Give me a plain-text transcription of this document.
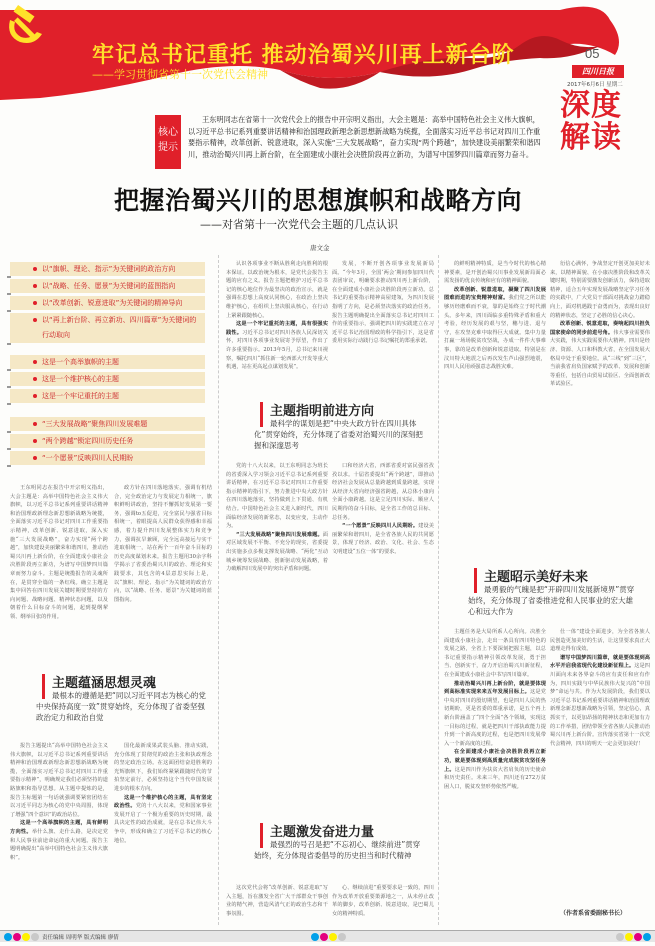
牢记总书记重托 推动治蜀兴川再上新台阶
——学习贯彻省第十一次党代会精神
05
四川日报
2017年6月6日 星期二
深度解读
核心提示
王东明同志在省第十一次党代会上的报告中开宗明义指出，大会主题是：高举中国特色社会主义伟大旗帜，以习近平总书记系列重要讲话精神和治国理政新理念新思想新战略为统揽，全面落实习近平总书记对四川工作重要指示精神，改革创新、锐意进取，深入实施“三大发展战略”，奋力实现“两个跨越”，加快建设美丽繁荣和谐四川，推动治蜀兴川再上新台阶，在全面建成小康社会决胜阶段再立新功，为谱写中国梦四川篇章而努力奋斗。
把握治蜀兴川的思想旗帜和战略方向
——对省第十一次党代会主题的几点认识
唐文金
以“旗帜、理论、指示”为关键词的政治方向
以“战略、任务、愿景”为关键词的蓝图指向
以“改革创新、锐意进取”为关键词的精神导向
以“再上新台阶、再立新功、四川篇章”为关键词的行动取向
这是一个高举旗帜的主题
这是一个维护核心的主题
这是一个牢记重托的主题
“三大发展战略”聚焦四川发展难题
“两个跨越”锁定四川历史任务
“一个愿景”反映四川人民期盼

王东明同志在报告中开宗明义指出，大会主题是：高举中国特色社会主义伟大旗帜，以习近平总书记系列重要讲话精神和治国理政新理念新思想新战略为统揽，全面落实习近平总书记对四川工作重要指示精神，改革创新、锐意进取，深入实施“三大发展战略”，奋力实现“两个跨越”，加快建设美丽繁荣和谐四川，推动治蜀兴川再上新台阶，在全面建成小康社会决胜阶段再立新功，为谱写中国梦四川篇章而努力奋斗。主题是统揽报告的灵魂所在，是贯穿全篇的一条红线。确立主题是集中回答在四川发展关键时期要坚持的方向问题、战略问题、精神状态问题，以及朝着什么目标奋斗的问题，起到提纲挈领、纲举目张的作用。

政方针在四川落地落实，强调有机结合，完全政治定力与发展定力相统一，旗帜鲜明讲政治，坚持不懈抓好发展第一要务，强调to五促进，完全富民与强省目标相统一，着眼提高人民群众获得感和幸福感，着力提升四川发展整体实力和竞争力，强调抗旱兼顾，完全远高接远与实干进取相统一，站在两个一百年奋斗目标的历史高度谋划未来。报告主题用30余字科学揭示了省委治蜀兴川的政治、理论和实践要求，其包含的4层意思实际上是，以“旗帜、理论、指示”为关键词的政治方向，以“战略、任务、愿景”为关键词的蓝图指向。

主题蕴涵思想灵魂
最根本的遵循是把“同以习近平同志为核心的党中央保持高度一致”贯穿始终，充分体现了省委坚强政治定力和政治自觉

报告主题提出“高举中国特色社会主义伟大旗帜，以习近平总书记系列重要讲话精神和治国理政新理念新思想新战略为统揽，全面落实习近平总书记对四川工作重要指示精神”，明确规定我们必须坚持的道路旗帜和指导思想。从主题中提炼的是，报告主标题第一句话就强调要紧密团结在以习近平同志为核心的党中央周围，体现了增强“四个意识”的政治站位。

这是一个高举旗帜的主题，具有鲜明方向性。举什么旗、走什么路，是决定党和人民事业前途命运的重大问题。报告主题明确提出“高举中国特色社会主义伟大旗帜”。

国化最新成果武装头脑、推动实践，充分体现了贯彻党的政治主张和执政理念的坚定政治立场。在这面团结奋进胜利的光辉旗帜下，我们始终紧紧跟随时代的节拍坚定前行，必须坚持这个当代中国发展进步的根本方向。

这是一个维护核心的主题，具有坚定政治性。党的十八大以来，党和国家事业发展开启了一个极为重要的历史时期，最具决定性的政治成就，是在总书记伟大斗争中，形成和确立了习近平总书记的核心地位。

认识各项事业不断从胜利走向胜利的根本保证。以政治统为根本，是党代会报告主题的应有之义。报告主题把维护习近平总书记的核心地位作为最坚决的政治宣示，就是强调在思想上高度认同核心，在政治上坚决维护核心，在组织上坚决服从核心，在行动上紧紧跟随核心。

这是一个牢记重托的主题，具有很强实践性。习近平总书记对四川各族人民深切关怀，对四川各项事业发展寄予厚望，作出了许多重要指示。2013年5月，总书记来川视察，嘱托四川“抓住新一轮西部大开发等重大机遇，站在更高起点谋划发展”。

发展，不断开创各项事业发展新局面。“今年3月，全国‘两会’期间参加四川代表团审议，明确要求推动四川再上新台阶，在全面建成小康社会决胜阶段再立新功。总书记的重要指示精神高屋建瓴，为四川发展指明了方向，是必须坚决落实的政治任务。报告主题明确提出全面落实总书记对四川工作的重要指示，强调把四川的实践建立在习近平总书记治国理政的科学指引下，这是省委用实际行动践行总书记嘱托的郑重承诺。

主题指明前进方向
最科学的谋划是把“中央大政方针在四川具体化”贯穿始终，充分体现了省委对治蜀兴川的深刻把握和深邃思考

党的十八大以来，以王东明同志为班长的省委深入学习领会习近平总书记系列重要讲话精神，在习近平总书记对四川工作重要指示精神的指引下，努力推进中央大政方针在四川落地落实，坚持做到上下贯通、有机结合。中国特色社会主义进入新时代，四川面临经济发展的新常态，以变应变，主动作为。

“三大发展战略”聚焦四川发展难题。面对区域发展不平衡、不充分的现实，省委提出实施多点多极支撑发展战略、“两化”互动城乡统筹发展战略、创新驱动发展战略，着力破解四川发展中的突出矛盾和问题。

口和经济大省，西部省委对富民强省孜孜以求。十届省委提出“两个跨越”，即推动经济社会发展从总量跨越到质量跨越，实现从经济大省向经济强省跨越，从总体小康向全面小康跨越。这是立足四川实际、顺应人民期待的奋斗目标，是全省工作的总目标、总任务。

“一个愿景”反映四川人民期盼。建设美丽繁荣和谐四川，是全省各族人民的共同愿景，体现了经济、政治、文化、社会、生态文明建设“五位一体”的要求。

主题激发奋进力量
最强烈的号召是把“不忘初心、继续前进”贯穿始终，充分体现省委倡导的历史担当和时代精神

这次党代会将“改革创新、锐意进取”写入主题，旨在激发全省广大干部群众干事创业的精气神，营造风清气正的政治生态和干事氛围。

心、继续前进”重要要求是一致的，四川作为改革开放重要策源地之一，从未停止改革的脚步，改革创新、锐意进取，是巴蜀儿女的精神特质。

的鲜明精神特质，是当今时代的核心精神要素，是开创治蜀兴川事业发展新局面必需发扬的优良传统和应有的精神面貌。

改革创新、锐意进取，凝聚了四川发展图难而进的宝贵精神财富。我们党之所以能够历经磨难而不衰，靠的是始终立于时代潮头。多年来，四川面临多重特殊矛盾和重大考验，经历发展的艰与坚，穗与进、退与守，在攻坚克难中取得巨大成就。集中力量打赢一场场脱贫攻坚战，办成一件件大事难事，靠的是改革创新和锐意进取。特别是在汶川特大地震之后再次发生芦山强烈地震，四川人民用顽强意志战胜灾难。

衍信心满怀，争战坚定开创更加美好未来，以精神面貌、在小康决胜阶段和改革关键时期，特别需要激发创新活力，保持进取精神，适合五年实现发展战略坚定学习任务的实践中，广大党员干部面对挑战奋力踏稳向上，面对机遇践于奋勇而为，表现出良好的精神状态，坚定了必胜的信心决心。

改革创新、锐意进取，奏响起四川担负国家使命的同步前进号角。伟大事业需要伟大实践，伟大实践需要伟大精神。四川是经济、资源、人口和科教大省，在全国发展大格局中处于重要地位。从“三线”到“三区”，当前我省肩负国家赋予的改革、发展和创新等重任，包括自由贸易试验区、全面创新改革试验区。

主题昭示美好未来
最勇毅的气魄是把“开辟四川发展新境界”贯穿始终，充分体现了省委推进党和人民事业的宏大雄心和远大作为

主题任务是大局所系人心所向。决胜全面建成小康社会，走出一条具有四川特色的发展之路，全省上下要深刻把握主题，以总书记重要指示精神引领改革发展，勇于担当、创新实干，奋力开启治蜀兴川新征程，在全面建成小康社会中书写四川篇章。

推动治蜀兴川再上新台阶，就是要体现到高标准实现来来五年发展目标上。这是党中央对四川的殷切期望，也是四川人民的热切期盼，更是省委的郑重承诺，是五个再上新台阶涵盖了“四个全面”各个领域，实现这一目标的过程，就是把四川干部执政能力提升到一个新高度的过程，也是把四川发展带入一个新高度的过程。

在全面建成小康社会决胜阶段再立新功，就是要体现到高质量完成脱贫攻坚任务上。这是四川作为扶贫大省肩负的历史使命和历史责任。未来三年，四川还有272万贫困人口，脱贫攻坚形势依然严峻。

仕一体”建设全面进步，为全省各族人民创造更加美好的生活，让这里要求真正大道理走得有成效。

谱写中国梦四川篇章，就是要体现到高水平开启我省现代化建设新征程上。这是四川面向未来各界奋斗的应有责任和应有作为，四川实践与中华民族伟大复兴的“中国梦”命运与共。作为大发展阶段，我们要以习近平总书记系列重要讲话精神和治国理政新理念新思想新战略为引领，坚定信心，真抓实干，以更加昂扬的精神状态和更加有力的工作举措，团结带领全省各族人民推动治蜀兴川再上新台阶。宣传落实省第十一次党代会精神，四川的明天一定会更加美好！

（作者系省委副秘书长）
责任编辑 周明华 版式编辑 廖倩
